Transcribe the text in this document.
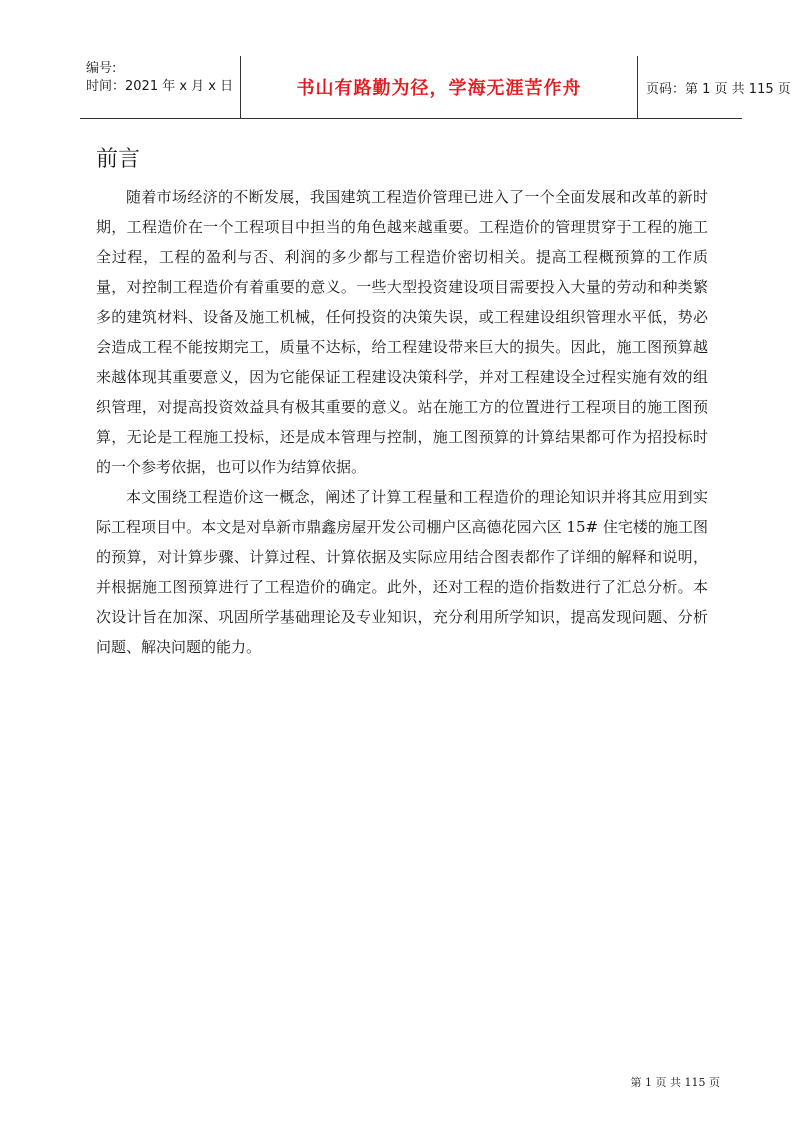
编号:
时间：2021 年 x 月 x 日	书山有路勤为径，学海无涯苦作舟	页码：第 1 页 共 115 页
前言

随着市场经济的不断发展，我国建筑工程造价管理已进入了一个全面发展和改革的新时期，工程造价在一个工程项目中担当的角色越来越重要。工程造价的管理贯穿于工程的施工全过程，工程的盈利与否、利润的多少都与工程造价密切相关。提高工程概预算的工作质量，对控制工程造价有着重要的意义。一些大型投资建设项目需要投入大量的劳动和种类繁多的建筑材料、设备及施工机械，任何投资的决策失误，或工程建设组织管理水平低，势必会造成工程不能按期完工，质量不达标，给工程建设带来巨大的损失。因此，施工图预算越来越体现其重要意义，因为它能保证工程建设决策科学，并对工程建设全过程实施有效的组织管理，对提高投资效益具有极其重要的意义。站在施工方的位置进行工程项目的施工图预算，无论是工程施工投标，还是成本管理与控制，施工图预算的计算结果都可作为招投标时的一个参考依据，也可以作为结算依据。

本文围绕工程造价这一概念，阐述了计算工程量和工程造价的理论知识并将其应用到实际工程项目中。本文是对阜新市鼎鑫房屋开发公司棚户区高德花园六区 15# 住宅楼的施工图的预算，对计算步骤、计算过程、计算依据及实际应用结合图表都作了详细的解释和说明，并根据施工图预算进行了工程造价的确定。此外，还对工程的造价指数进行了汇总分析。本次设计旨在加深、巩固所学基础理论及专业知识，充分利用所学知识，提高发现问题、分析问题、解决问题的能力。

第 1 页 共 115 页
